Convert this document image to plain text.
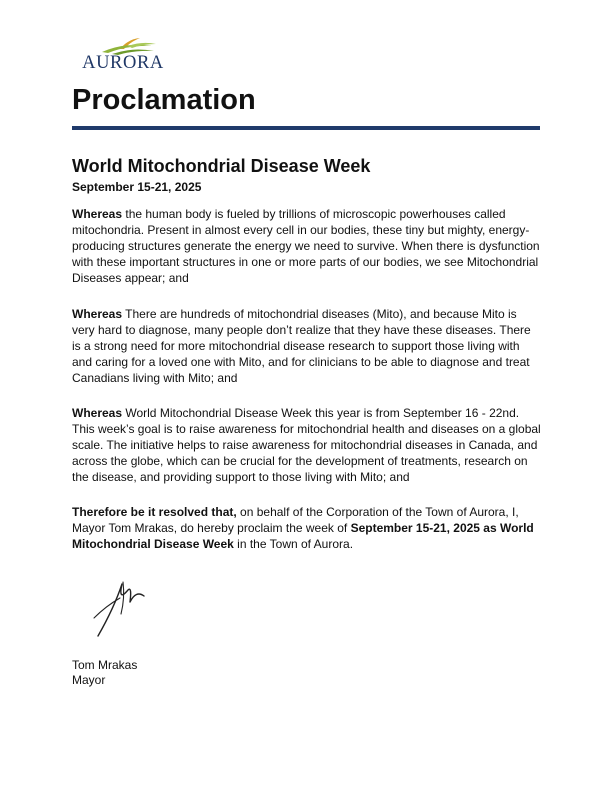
AURORA
Proclamation
World Mitochondrial Disease Week
September 15-21, 2025

Whereas the human body is fueled by trillions of microscopic powerhouses called mitochondria. Present in almost every cell in our bodies, these tiny but mighty, energy-producing structures generate the energy we need to survive. When there is dysfunction with these important structures in one or more parts of our bodies, we see Mitochondrial Diseases appear; and

Whereas There are hundreds of mitochondrial diseases (Mito), and because Mito is very hard to diagnose, many people don’t realize that they have these diseases. There is a strong need for more mitochondrial disease research to support those living with and caring for a loved one with Mito, and for clinicians to be able to diagnose and treat Canadians living with Mito; and

Whereas World Mitochondrial Disease Week this year is from September 16 - 22nd. This week’s goal is to raise awareness for mitochondrial health and diseases on a global scale. The initiative helps to raise awareness for mitochondrial diseases in Canada, and across the globe, which can be crucial for the development of treatments, research on the disease, and providing support to those living with Mito; and

Therefore be it resolved that, on behalf of the Corporation of the Town of Aurora, I, Mayor Tom Mrakas, do hereby proclaim the week of September 15-21, 2025 as World Mitochondrial Disease Week in the Town of Aurora.

Tom Mrakas
Mayor
